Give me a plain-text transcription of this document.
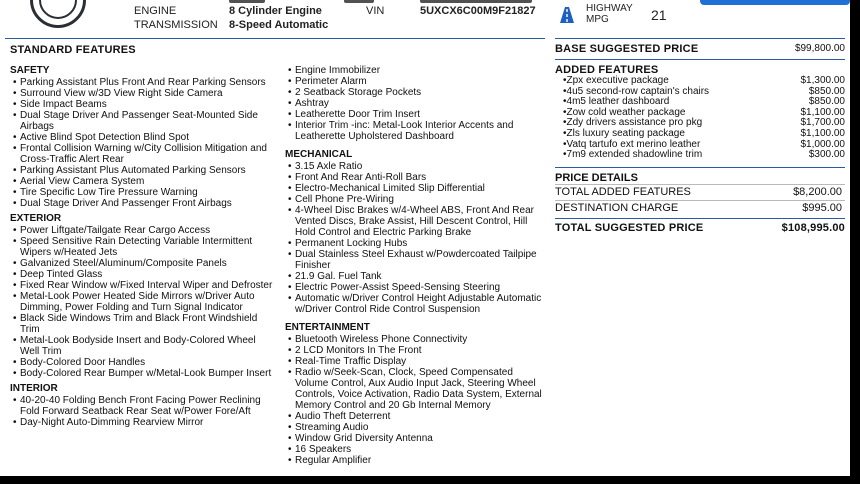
ENGINE	8 Cylinder Engine
TRANSMISSION 8-Speed Automatic
VIN	5UXCX6C00M9F21827	HIGHWAY MPG	21
STANDARD FEATURES
SAFETY
• Parking Assistant Plus Front And Rear Parking Sensors
• Surround View w/3D View Right Side Camera
• Side Impact Beams
• Dual Stage Driver And Passenger Seat-Mounted Side Airbags
• Active Blind Spot Detection Blind Spot
• Frontal Collision Warning w/City Collision Mitigation and Cross-Traffic Alert Rear
• Parking Assistant Plus Automated Parking Sensors
• Aerial View Camera System
• Tire Specific Low Tire Pressure Warning
• Dual Stage Driver And Passenger Front Airbags
EXTERIOR
• Power Liftgate/Tailgate Rear Cargo Access
• Speed Sensitive Rain Detecting Variable Intermittent Wipers w/Heated Jets
• Galvanized Steel/Aluminum/Composite Panels
• Deep Tinted Glass
• Fixed Rear Window w/Fixed Interval Wiper and Defroster
• Metal-Look Power Heated Side Mirrors w/Driver Auto Dimming, Power Folding and Turn Signal Indicator
• Black Side Windows Trim and Black Front Windshield Trim
• Metal-Look Bodyside Insert and Body-Colored Wheel Well Trim
• Body-Colored Door Handles
• Body-Colored Rear Bumper w/Metal-Look Bumper Insert
INTERIOR
• 40-20-40 Folding Bench Front Facing Power Reclining Fold Forward Seatback Rear Seat w/Power Fore/Aft
• Day-Night Auto-Dimming Rearview Mirror
• Engine Immobilizer
• Perimeter Alarm
• 2 Seatback Storage Pockets
• Ashtray
• Leatherette Door Trim Insert
• Interior Trim -inc: Metal-Look Interior Accents and Leatherette Upholstered Dashboard
MECHANICAL
• 3.15 Axle Ratio
• Front And Rear Anti-Roll Bars
• Electro-Mechanical Limited Slip Differential
• Cell Phone Pre-Wiring
• 4-Wheel Disc Brakes w/4-Wheel ABS, Front And Rear Vented Discs, Brake Assist, Hill Descent Control, Hill Hold Control and Electric Parking Brake
• Permanent Locking Hubs
• Dual Stainless Steel Exhaust w/Powdercoated Tailpipe Finisher
• 21.9 Gal. Fuel Tank
• Electric Power-Assist Speed-Sensing Steering
• Automatic w/Driver Control Height Adjustable Automatic w/Driver Control Ride Control Suspension
ENTERTAINMENT
• Bluetooth Wireless Phone Connectivity
• 2 LCD Monitors In The Front
• Real-Time Traffic Display
• Radio w/Seek-Scan, Clock, Speed Compensated Volume Control, Aux Audio Input Jack, Steering Wheel Controls, Voice Activation, Radio Data System, External Memory Control and 20 Gb Internal Memory
• Audio Theft Deterrent
• Streaming Audio
• Window Grid Diversity Antenna
• 16 Speakers
• Regular Amplifier
BASE SUGGESTED PRICE	$99,800.00
ADDED FEATURES
• Zpx executive package	$1,300.00
• 4u5 second-row captain's chairs	$850.00
• 4m5 leather dashboard	$850.00
• Zow cold weather package	$1,100.00
• Zdy drivers assistance pro pkg	$1,700.00
• Zls luxury seating package	$1,100.00
• Vatq tartufo ext merino leather	$1,000.00
• 7m9 extended shadowline trim	$300.00
PRICE DETAILS
TOTAL ADDED FEATURES	$8,200.00
DESTINATION CHARGE	$995.00
TOTAL SUGGESTED PRICE	$108,995.00
